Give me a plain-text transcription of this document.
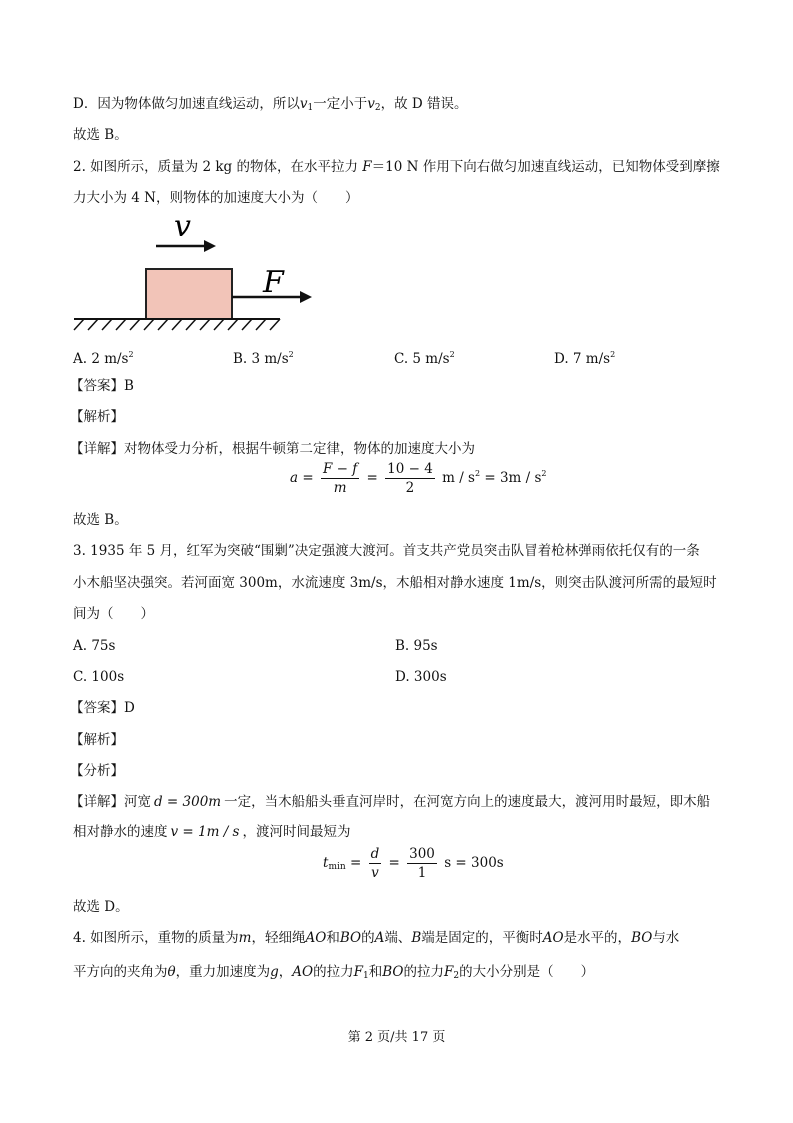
D．因为物体做匀加速直线运动，所以$v_1$一定小于$v_2$，故 D 错误。
故选 B。
2. 如图所示，质量为 2 kg 的物体，在水平拉力 F＝10 N 作用下向右做匀加速直线运动，已知物体受到摩擦
力大小为 4 N，则物体的加速度大小为（　　）
v
F
A. 2 $m/s^2$	B. 3 $m/s^2$	C. 5 $m/s^2$	D. 7 $m/s^2$
【答案】B
【解析】
【详解】对物体受力分析，根据牛顿第二定律，物体的加速度大小为
$a = \frac{F - f}{m} = \frac{10 - 4}{2}$ $m / s^2 = 3m / s^2$
故选 B。
3. 1935 年 5 月，红军为突破“围剿”决定强渡大渡河。首支共产党员突击队冒着枪林弹雨依托仅有的一条
小木船坚决强突。若河面宽 300m，水流速度 3m/s，木船相对静水速度 1m/s，则突击队渡河所需的最短时
间为（　　）
A. 75s	B. 95s
C. 100s	D. 300s
【答案】D
【解析】
【分析】
【详解】河宽 d = 300m 一定，当木船船头垂直河岸时，在河宽方向上的速度最大，渡河用时最短，即木船
相对静水的速度 v = 1m / s ，渡河时间最短为
$t_{min} = \frac{d}{v} = \frac{300}{1}$ s = 300s
故选 D。
4. 如图所示，重物的质量为m，轻细绳AO和BO的A端、B端是固定的，平衡时AO是水平的，BO与水
平方向的夹角为θ，重力加速度为g，AO的拉力$F_1$和BO的拉力$F_2$的大小分别是（　　）
第 2 页/共 17 页
